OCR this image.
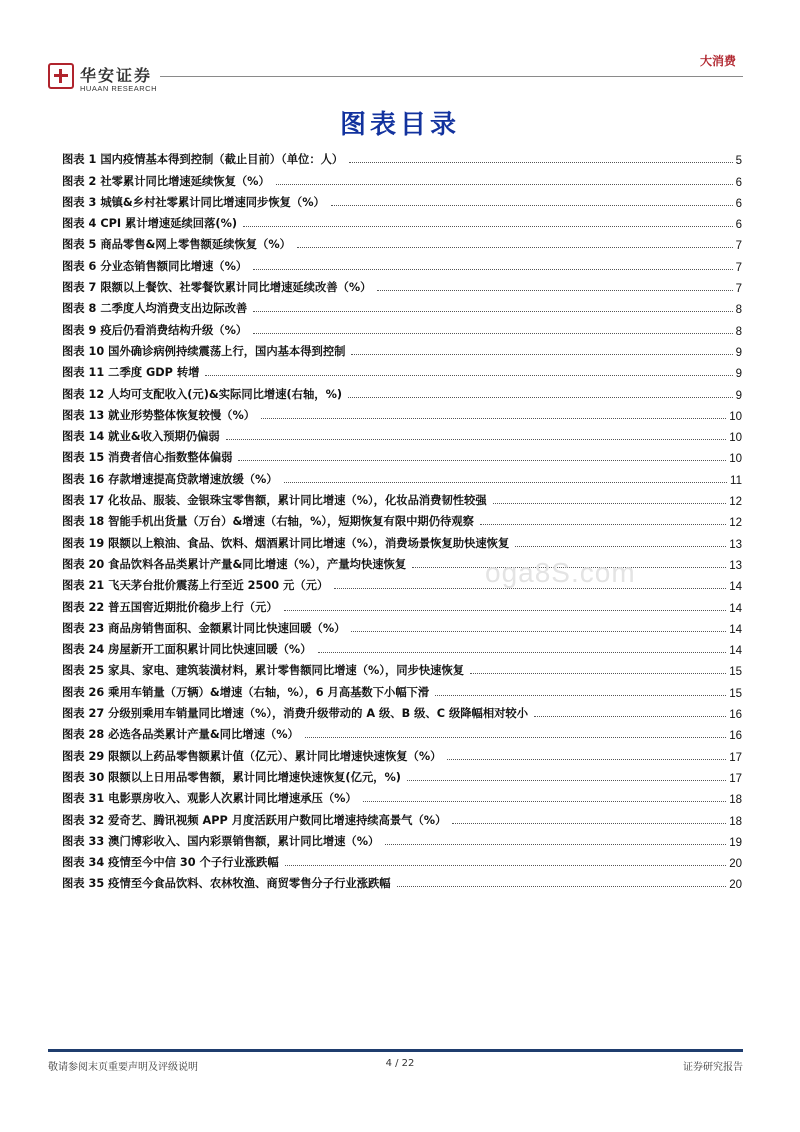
华安证券
HUAAN RESEARCH
大消费
图表目录
图表 1 国内疫情基本得到控制（截止目前）（单位：人）	5
图表 2 社零累计同比增速延续恢复（%）	6
图表 3 城镇&乡村社零累计同比增速同步恢复（%）	6
图表 4 CPI 累计增速延续回落(%)	6
图表 5 商品零售&网上零售额延续恢复（%）	7
图表 6 分业态销售额同比增速（%）	7
图表 7 限额以上餐饮、社零餐饮累计同比增速延续改善（%）	7
图表 8 二季度人均消费支出边际改善	8
图表 9 疫后仍看消费结构升级（%）	8
图表 10 国外确诊病例持续震荡上行，国内基本得到控制	9
图表 11 二季度 GDP 转增	9
图表 12 人均可支配收入(元)&实际同比增速(右轴，%)	9
图表 13 就业形势整体恢复较慢（%）	10
图表 14 就业&收入预期仍偏弱	10
图表 15 消费者信心指数整体偏弱	10
图表 16 存款增速提高贷款增速放缓（%）	11
图表 17 化妆品、服装、金银珠宝零售额，累计同比增速（%），化妆品消费韧性较强	12
图表 18 智能手机出货量（万台）&增速（右轴，%），短期恢复有限中期仍待观察	12
图表 19 限额以上粮油、食品、饮料、烟酒累计同比增速（%），消费场景恢复助快速恢复	13
图表 20 食品饮料各品类累计产量&同比增速（%），产量均快速恢复	13
图表 21 飞天茅台批价震荡上行至近 2500 元（元）	14
图表 22 普五国窖近期批价稳步上行（元）	14
图表 23 商品房销售面积、金额累计同比快速回暖（%）	14
图表 24 房屋新开工面积累计同比快速回暖（%）	14
图表 25 家具、家电、建筑装潢材料，累计零售额同比增速（%），同步快速恢复	15
图表 26 乘用车销量（万辆）&增速（右轴，%），6 月高基数下小幅下滑	15
图表 27 分级别乘用车销量同比增速（%），消费升级带动的 A 级、B 级、C 级降幅相对较小	16
图表 28 必选各品类累计产量&同比增速（%）	16
图表 29 限额以上药品零售额累计值（亿元）、累计同比增速快速恢复（%）	17
图表 30 限额以上日用品零售额，累计同比增速快速恢复(亿元，%)	17
图表 31 电影票房收入、观影人次累计同比增速承压（%）	18
图表 32 爱奇艺、腾讯视频 APP 月度活跃用户数同比增速持续高景气（%）	18
图表 33 澳门博彩收入、国内彩票销售额，累计同比增速（%）	19
图表 34 疫情至今中信 30 个子行业涨跌幅	20
图表 35 疫情至今食品饮料、农林牧渔、商贸零售分子行业涨跌幅	20
oga8S.com
敬请参阅末页重要声明及评级说明	4 / 22	证券研究报告
